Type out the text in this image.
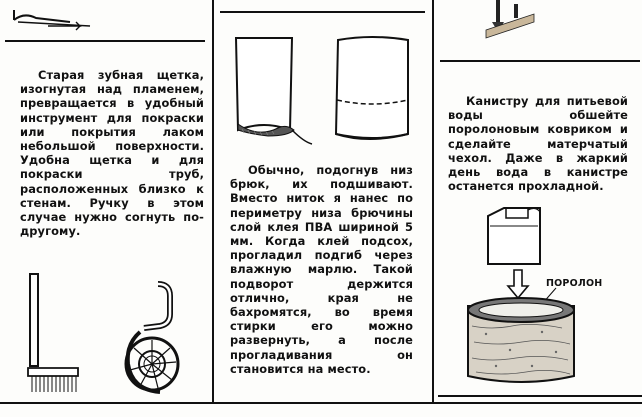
Старая зубная щетка, изогнутая над пламенем, превращается в удобный инструмент для покраски или покрытия лаком небольшой поверхности. Удобна щетка и для покраски труб, расположенных близко к стенам. Ручку в этом случае нужно согнуть по-другому.

Обычно, подогнув низ брюк, их подшивают. Вместо ниток я нанес по периметру низа брючины слой клея ПВА шириной 5 мм. Когда клей подсох, прогладил подгиб через влажную марлю. Такой подворот держится отлично, края не бахромятся, во время стирки его можно развернуть, а после прогладивания он становится на место.

Канистру для питьевой воды обшейте поролоновым ковриком и сделайте матерчатый чехол. Даже в жаркий день вода в канистре останется прохладной.

ПОРОЛОН
